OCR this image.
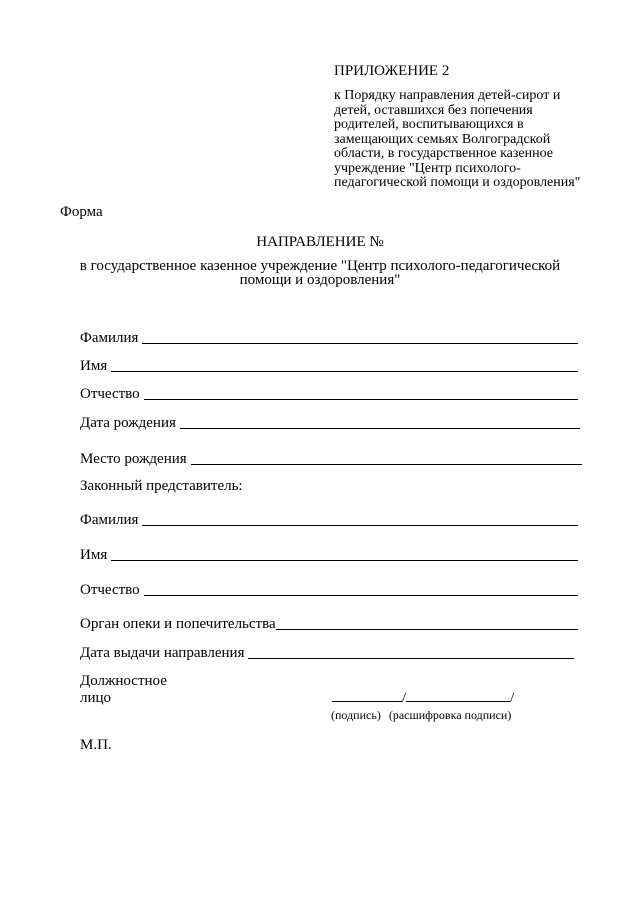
ПРИЛОЖЕНИЕ 2
к Порядку направления детей-сирот и
детей, оставшихся без попечения
родителей, воспитывающихся в
замещающих семьях Волгоградской
области, в государственное казенное
учреждение "Центр психолого-
педагогической помощи и оздоровления"
Форма
НАПРАВЛЕНИЕ №
в государственное казенное учреждение "Центр психолого-педагогической
помощи и оздоровления"
Фамилия
Имя
Отчество
Дата рождения
Место рождения
Законный представитель:
Фамилия
Имя
Отчество
Орган опеки и попечительства
Дата выдачи направления
Должностное
лицо	/	/
(подпись) (расшифровка подписи)
М.П.
